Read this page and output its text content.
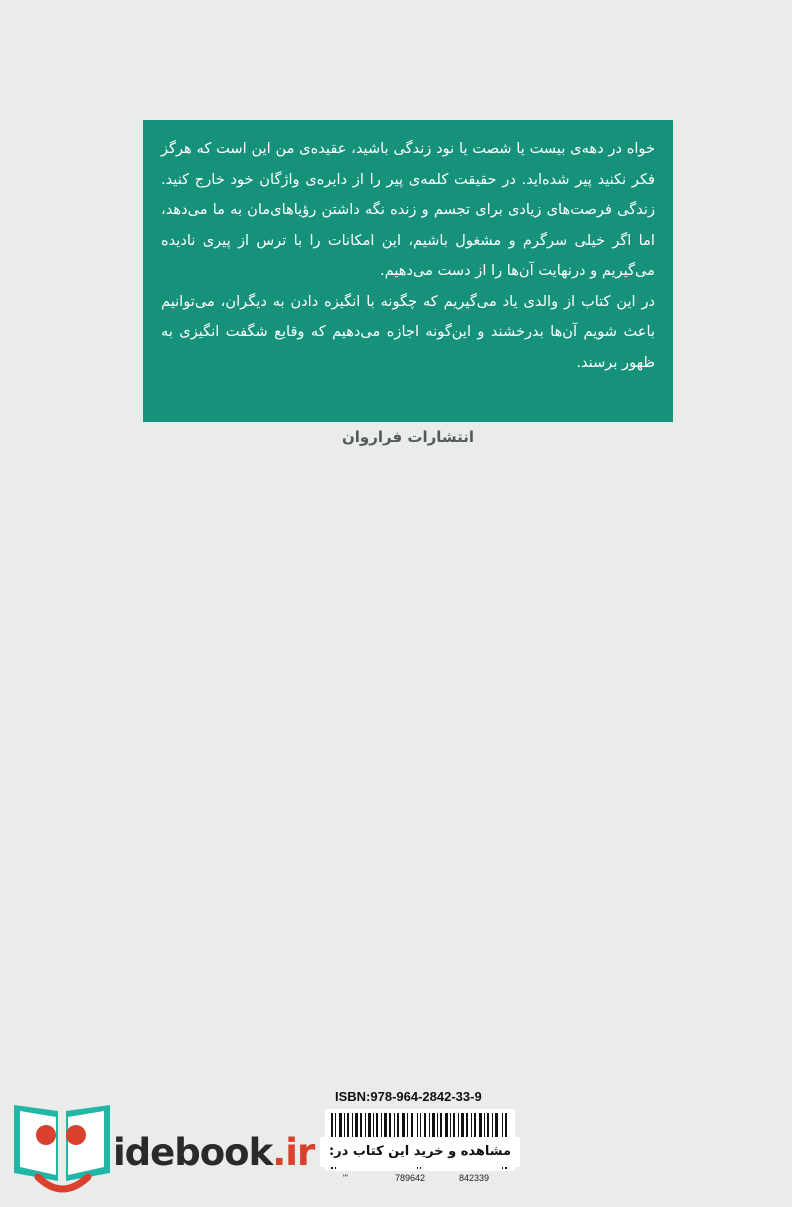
خواه در دهه‌ی بیست یا شصت یا نود زندگی باشید، عقیده‌ی من این است که هرگز فکر نکنید پیر شده‌اید. در حقیقت کلمه‌ی پیر را از دایره‌ی واژگان خود خارج کنید. زندگی فرصت‌های زیادی برای تجسم و زنده نگه داشتن رؤیاهای‌مان به ما می‌دهد، اما اگر خیلی سرگرم و مشغول باشیم، این امکانات را با ترس از پیری نادیده می‌گیریم و درنهایت آن‌ها را از دست می‌دهیم.

در این کتاب از والدی یاد می‌گیریم که چگونه با انگیزه دادن به دیگران، می‌توانیم باعث شویم آن‌ها بدرخشند و این‌گونه اجازه می‌دهیم که وقایع شگفت انگیزی به ظهور برسند.

انتشارات فراروان
ISBN:978-964-2842-33-9
"'	789642	842339
idebook.ir	مشاهده و خرید این کتاب در:
